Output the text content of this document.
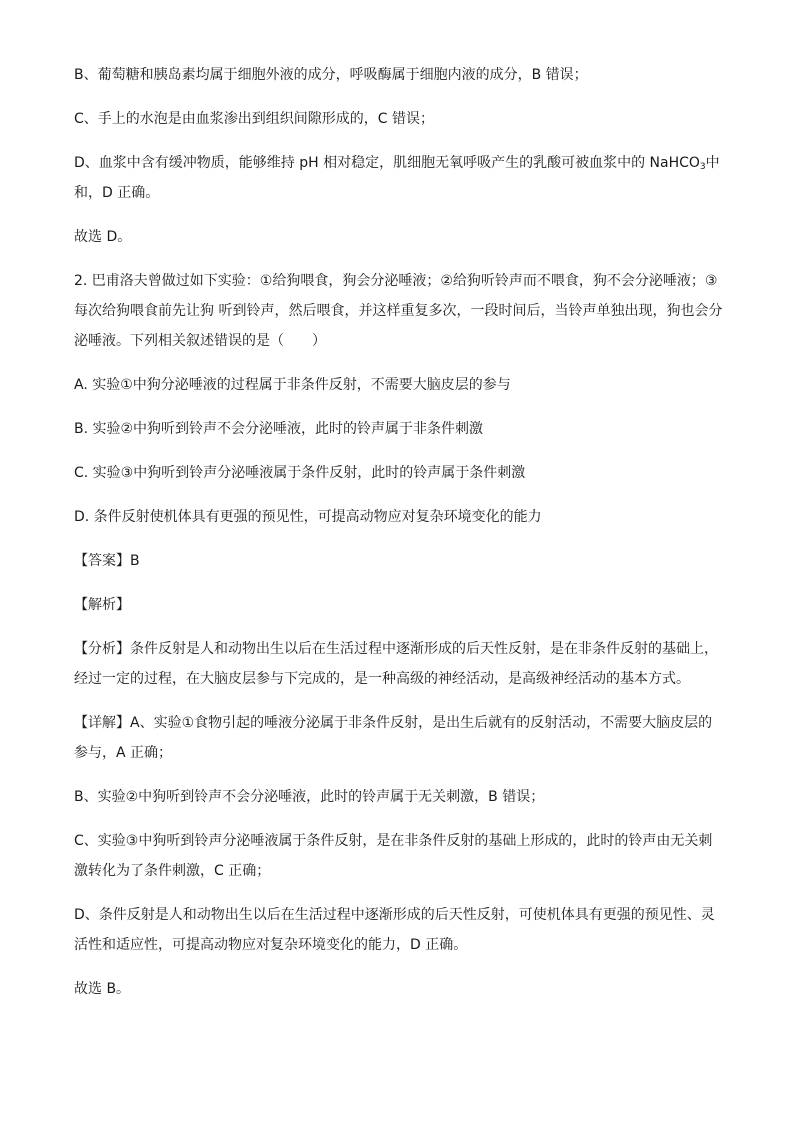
B、葡萄糖和胰岛素均属于细胞外液的成分，呼吸酶属于细胞内液的成分，B 错误；

C、手上的水泡是由血浆渗出到组织间隙形成的，C 错误；

D、血浆中含有缓冲物质，能够维持 pH 相对稳定，肌细胞无氧呼吸产生的乳酸可被血浆中的 NaHCO$_3$中
和，D 正确。

故选 D。

2. 巴甫洛夫曾做过如下实验：①给狗喂食，狗会分泌唾液；②给狗听铃声而不喂食，狗不会分泌唾液；③
每次给狗喂食前先让狗 听到铃声，然后喂食，并这样重复多次，一段时间后，当铃声单独出现，狗也会分
泌唾液。下列相关叙述错误的是（　　）

A. 实验①中狗分泌唾液的过程属于非条件反射，不需要大脑皮层的参与

B. 实验②中狗听到铃声不会分泌唾液，此时的铃声属于非条件刺激

C. 实验③中狗听到铃声分泌唾液属于条件反射，此时的铃声属于条件刺激

D. 条件反射使机体具有更强的预见性，可提高动物应对复杂环境变化的能力

【答案】B

【解析】

【分析】条件反射是人和动物出生以后在生活过程中逐渐形成的后天性反射，是在非条件反射的基础上，
经过一定的过程，在大脑皮层参与下完成的，是一种高级的神经活动，是高级神经活动的基本方式。

【详解】A、实验①食物引起的唾液分泌属于非条件反射，是出生后就有的反射活动，不需要大脑皮层的
参与，A 正确；

B、实验②中狗听到铃声不会分泌唾液，此时的铃声属于无关刺激，B 错误；

C、实验③中狗听到铃声分泌唾液属于条件反射，是在非条件反射的基础上形成的，此时的铃声由无关刺
激转化为了条件刺激，C 正确；

D、条件反射是人和动物出生以后在生活过程中逐渐形成的后天性反射，可使机体具有更强的预见性、灵
活性和适应性，可提高动物应对复杂环境变化的能力，D 正确。

故选 B。
